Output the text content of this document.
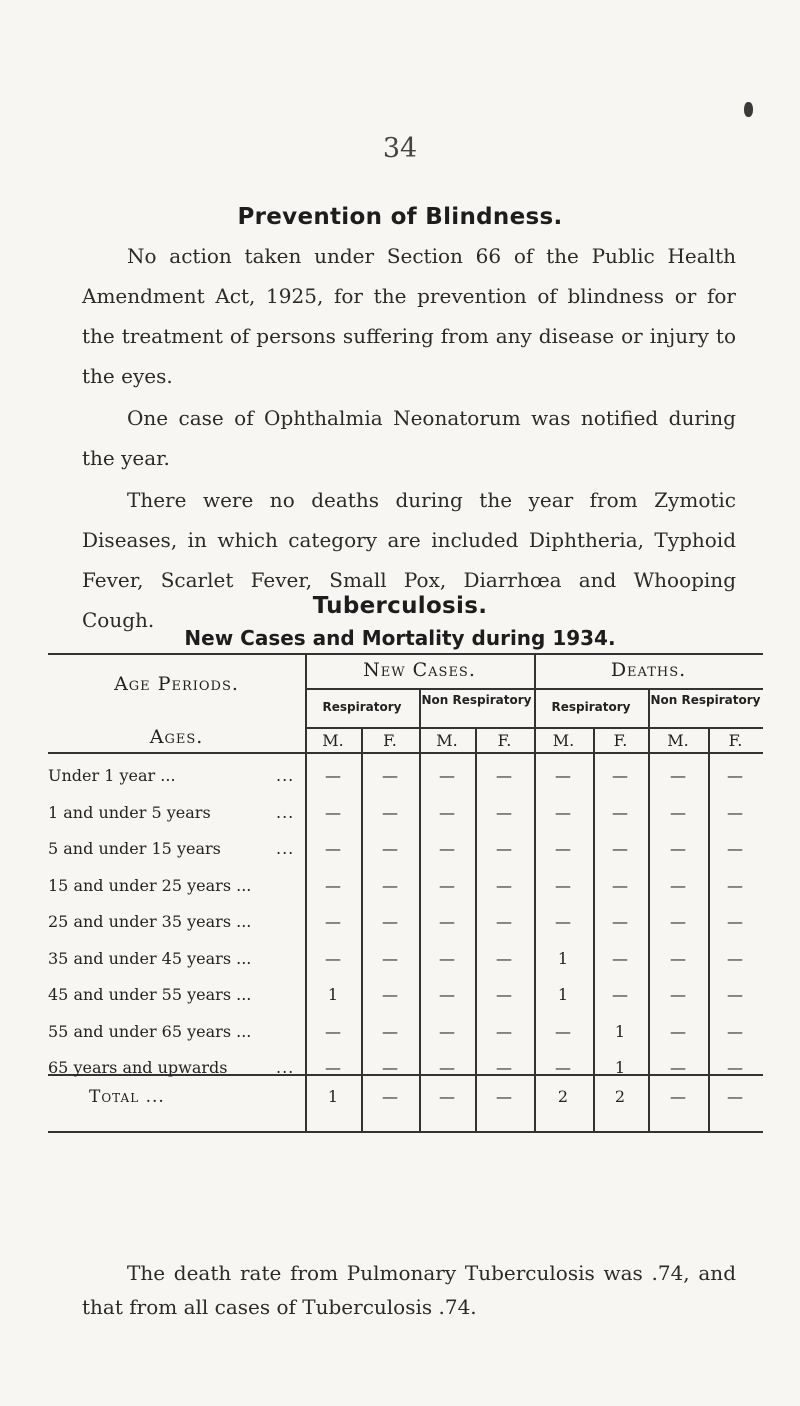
34
Prevention of Blindness.

No action taken under Section 66 of the Public Health Amendment Act, 1925, for the prevention of blindness or for the treatment of persons suffering from any disease or injury to the eyes.

One case of Ophthalmia Neonatorum was notified during the year.

There were no deaths during the year from Zymotic Diseases, in which category are included Diphtheria, Typhoid Fever, Scarlet Fever, Small Pox, Diarrhœa and Whooping Cough.

Tuberculosis.
New Cases and Mortality during 1934.
Age Periods.
Ages.
New Cases.	Deaths.
Respiratory	Non Respiratory	Respiratory	Non Respiratory
M.	F.	M.	F.	M.	F.	M.	F.
Under 1 year ...	...	—	—	—	—	—	—	—	—
1 and under 5 years	...	—	—	—	—	—	—	—	—
5 and under 15 years	...	—	—	—	—	—	—	—	—
15 and under 25 years ...	—	—	—	—	—	—	—	—
25 and under 35 years ...	—	—	—	—	—	—	—	—
35 and under 45 years ...	—	—	—	—	1	—	—	—
45 and under 55 years ...	1	—	—	—	1	—	—	—
55 and under 65 years ...	—	—	—	—	—	1	—	—
65 years and upwards	...	—	—	—	—	—	1	—	—
Total ...	1	—	—	—	2	2	—	—

The death rate from Pulmonary Tuberculosis was .74, and that from all cases of Tuberculosis .74.
